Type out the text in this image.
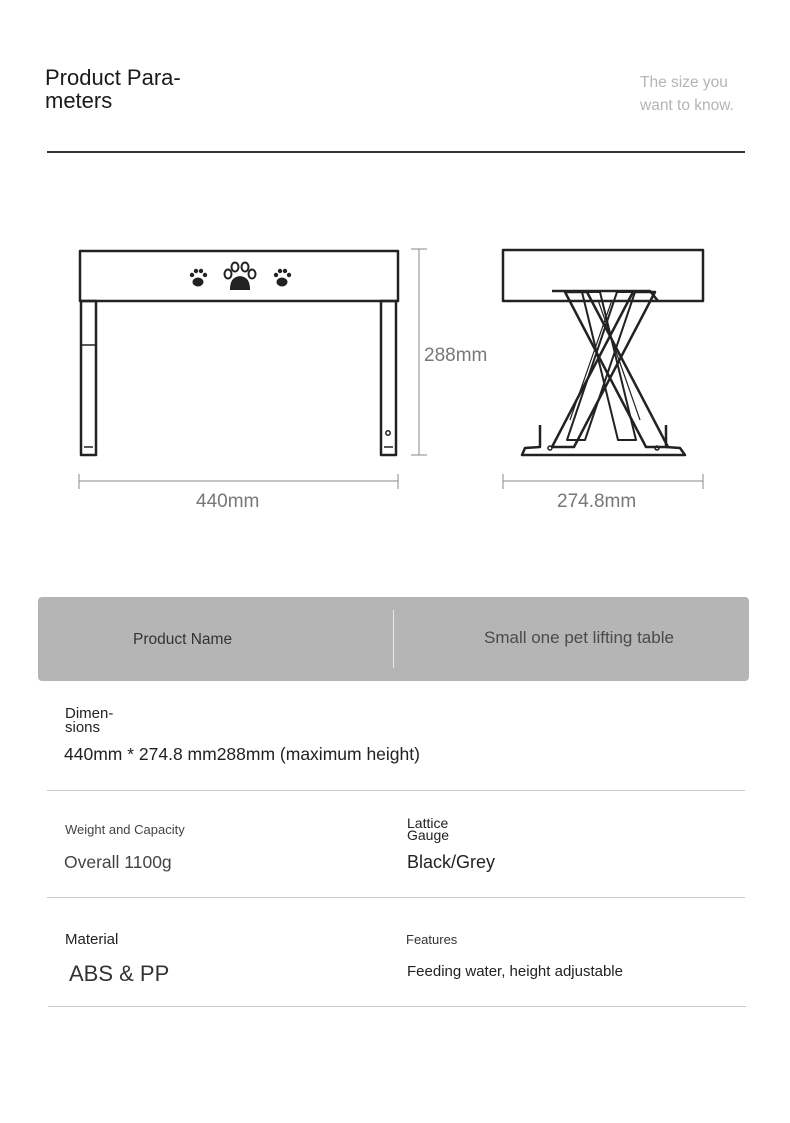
Product Para-
meters
The size you
want to know.
440mm
288mm
274.8mm
Product Name	Small one pet lifting table
Dimen-
sions
440mm * 274.8 mm288mm (maximum height)
Weight and Capacity
Overall 1100g
Lattice
Gauge
Black/Grey
Material
ABS & PP
Features
Feeding water, height adjustable
